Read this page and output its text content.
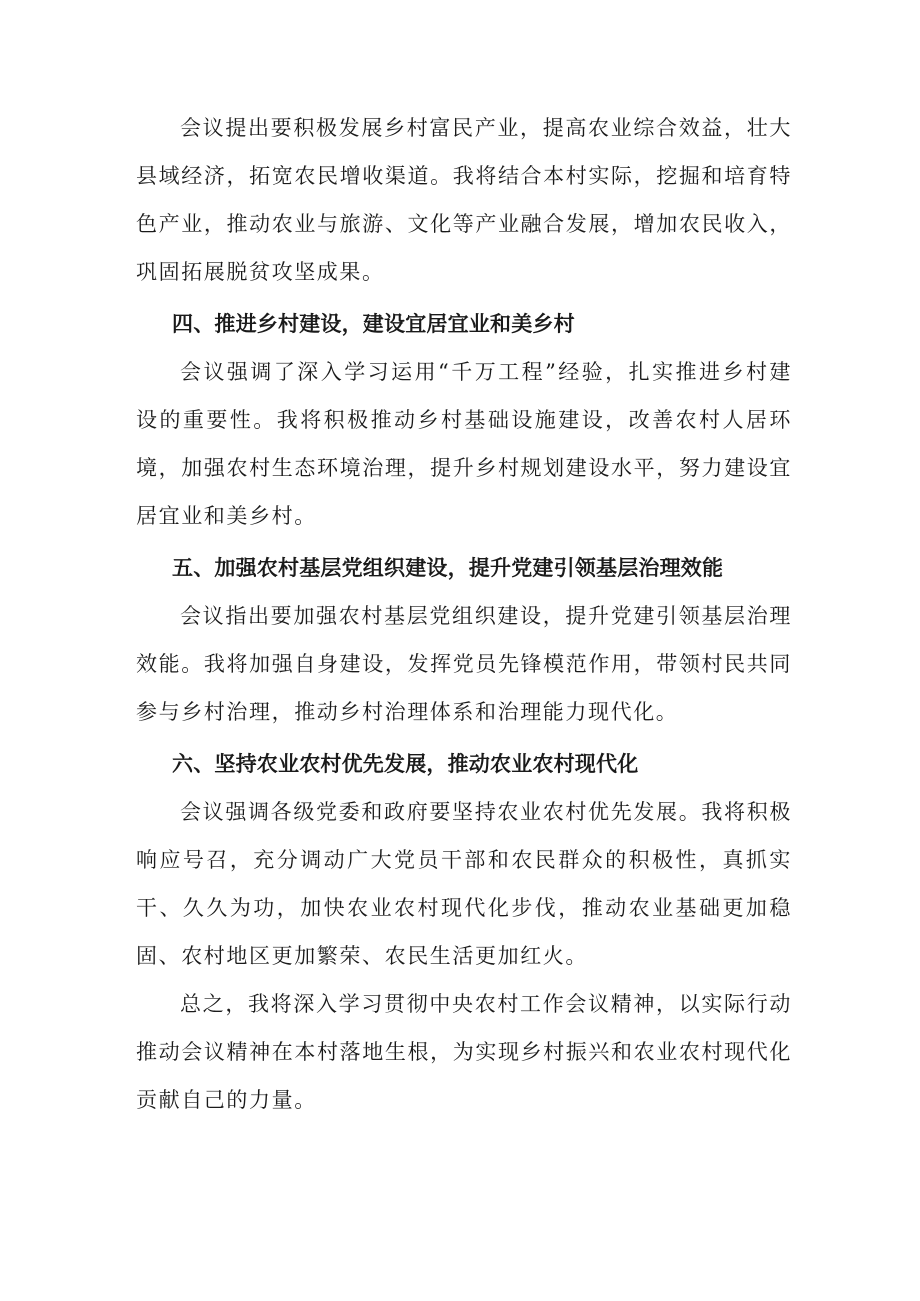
会议提出要积极发展乡村富民产业，提高农业综合效益，壮大县域经济，拓宽农民增收渠道。我将结合本村实际，挖掘和培育特色产业，推动农业与旅游、文化等产业融合发展，增加农民收入，巩固拓展脱贫攻坚成果。

四、推进乡村建设，建设宜居宜业和美乡村

会议强调了深入学习运用“千万工程”经验，扎实推进乡村建设的重要性。我将积极推动乡村基础设施建设，改善农村人居环境，加强农村生态环境治理，提升乡村规划建设水平，努力建设宜居宜业和美乡村。

五、加强农村基层党组织建设，提升党建引领基层治理效能

会议指出要加强农村基层党组织建设，提升党建引领基层治理效能。我将加强自身建设，发挥党员先锋模范作用，带领村民共同参与乡村治理，推动乡村治理体系和治理能力现代化。

六、坚持农业农村优先发展，推动农业农村现代化

会议强调各级党委和政府要坚持农业农村优先发展。我将积极响应号召，充分调动广大党员干部和农民群众的积极性，真抓实干、久久为功，加快农业农村现代化步伐，推动农业基础更加稳固、农村地区更加繁荣、农民生活更加红火。

总之，我将深入学习贯彻中央农村工作会议精神，以实际行动推动会议精神在本村落地生根，为实现乡村振兴和农业农村现代化贡献自己的力量。
